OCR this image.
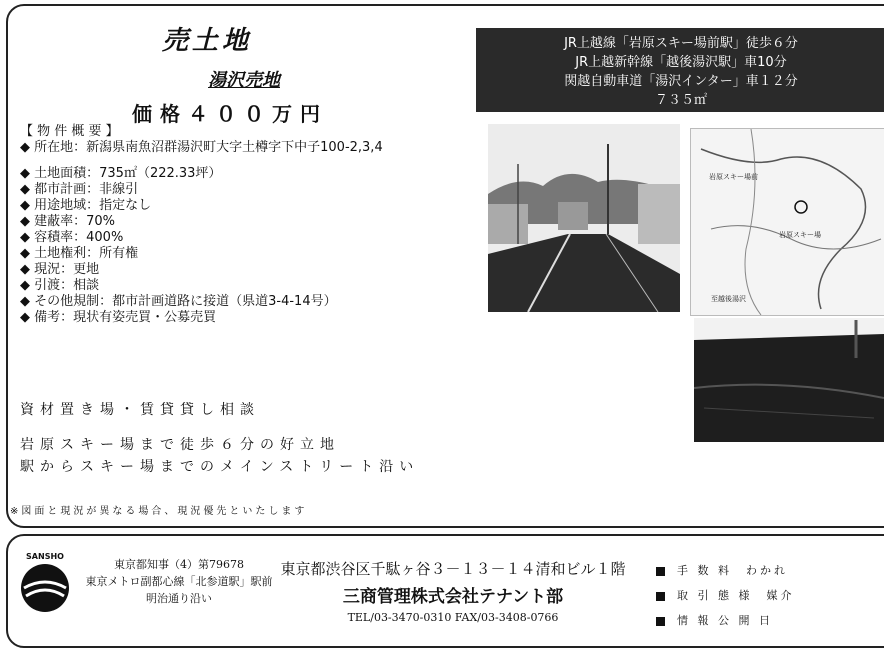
売土地
湯沢売地
価格４００万円
JR上越線「岩原スキー場前駅」徒歩６分
JR上越新幹線「越後湯沢駅」車10分
関越自動車道「湯沢インター」車１２分
７３５㎡

【 物 件 概 要 】

◆ 所在地：新潟県南魚沼群湯沢町大字土樽字下中子100-2,3,4

◆ 土地面積：735㎡（222.33坪）

◆ 都市計画：非線引

◆ 用途地域：指定なし

◆ 建蔽率：70%

◆ 容積率：400%

◆ 土地権利：所有権

◆ 現況：更地

◆ 引渡：相談

◆ その他規制：都市計画道路に接道（県道3-4-14号）

◆ 備考：現状有姿売買・公募売買

資材置き場・賃貸貸し相談
岩原スキー場まで徒歩６分の好立地
駅からスキー場までのメインストリート沿い
※図面と現況が異なる場合、現況優先といたします
岩原スキー場前
岩原スキー場
至越後湯沢
SANSHO
東京都知事（4）第79678
東京メトロ副都心線「北参道駅」駅前
明治通り沿い
東京都渋谷区千駄ヶ谷３－１３－１４清和ビル１階
三商管理株式会社テナント部
TEL/03-3470-0310 FAX/03-3408-0766
手 数 料　わかれ
取 引 態 様　媒介
情 報 公 開 日
